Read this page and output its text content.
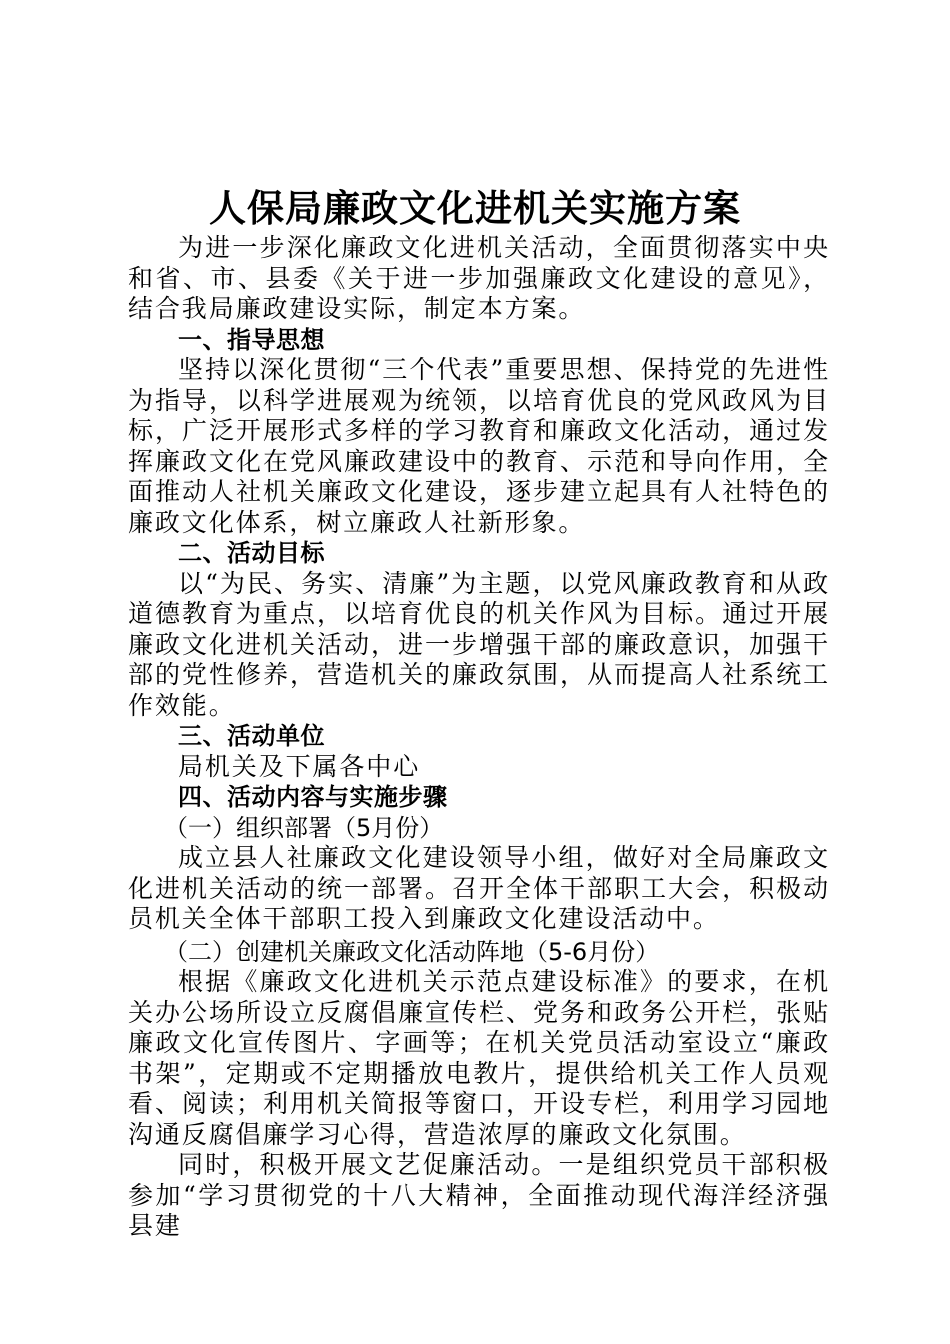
人保局廉政文化进机关实施方案

为进一步深化廉政文化进机关活动，全面贯彻落实中央和省、市、县委《关于进一步加强廉政文化建设的意见》，结合我局廉政建设实际，制定本方案。

一、指导思想

坚持以深化贯彻“三个代表”重要思想、保持党的先进性为指导，以科学进展观为统领，以培育优良的党风政风为目标，广泛开展形式多样的学习教育和廉政文化活动，通过发挥廉政文化在党风廉政建设中的教育、示范和导向作用，全面推动人社机关廉政文化建设，逐步建立起具有人社特色的廉政文化体系，树立廉政人社新形象。

二、活动目标

以“为民、务实、清廉”为主题，以党风廉政教育和从政道德教育为重点，以培育优良的机关作风为目标。通过开展廉政文化进机关活动，进一步增强干部的廉政意识，加强干部的党性修养，营造机关的廉政氛围，从而提高人社系统工作效能。

三、活动单位

局机关及下属各中心

四、活动内容与实施步骤

（一）组织部署（5月份）

成立县人社廉政文化建设领导小组，做好对全局廉政文化进机关活动的统一部署。召开全体干部职工大会，积极动员机关全体干部职工投入到廉政文化建设活动中。

（二）创建机关廉政文化活动阵地（5-6月份）

根据《廉政文化进机关示范点建设标准》的要求，在机关办公场所设立反腐倡廉宣传栏、党务和政务公开栏，张贴廉政文化宣传图片、字画等；在机关党员活动室设立“廉政书架”，定期或不定期播放电教片，提供给机关工作人员观看、阅读；利用机关简报等窗口，开设专栏，利用学习园地沟通反腐倡廉学习心得，营造浓厚的廉政文化氛围。

同时，积极开展文艺促廉活动。一是组织党员干部积极参加“学习贯彻党的十八大精神，全面推动现代海洋经济强县建
